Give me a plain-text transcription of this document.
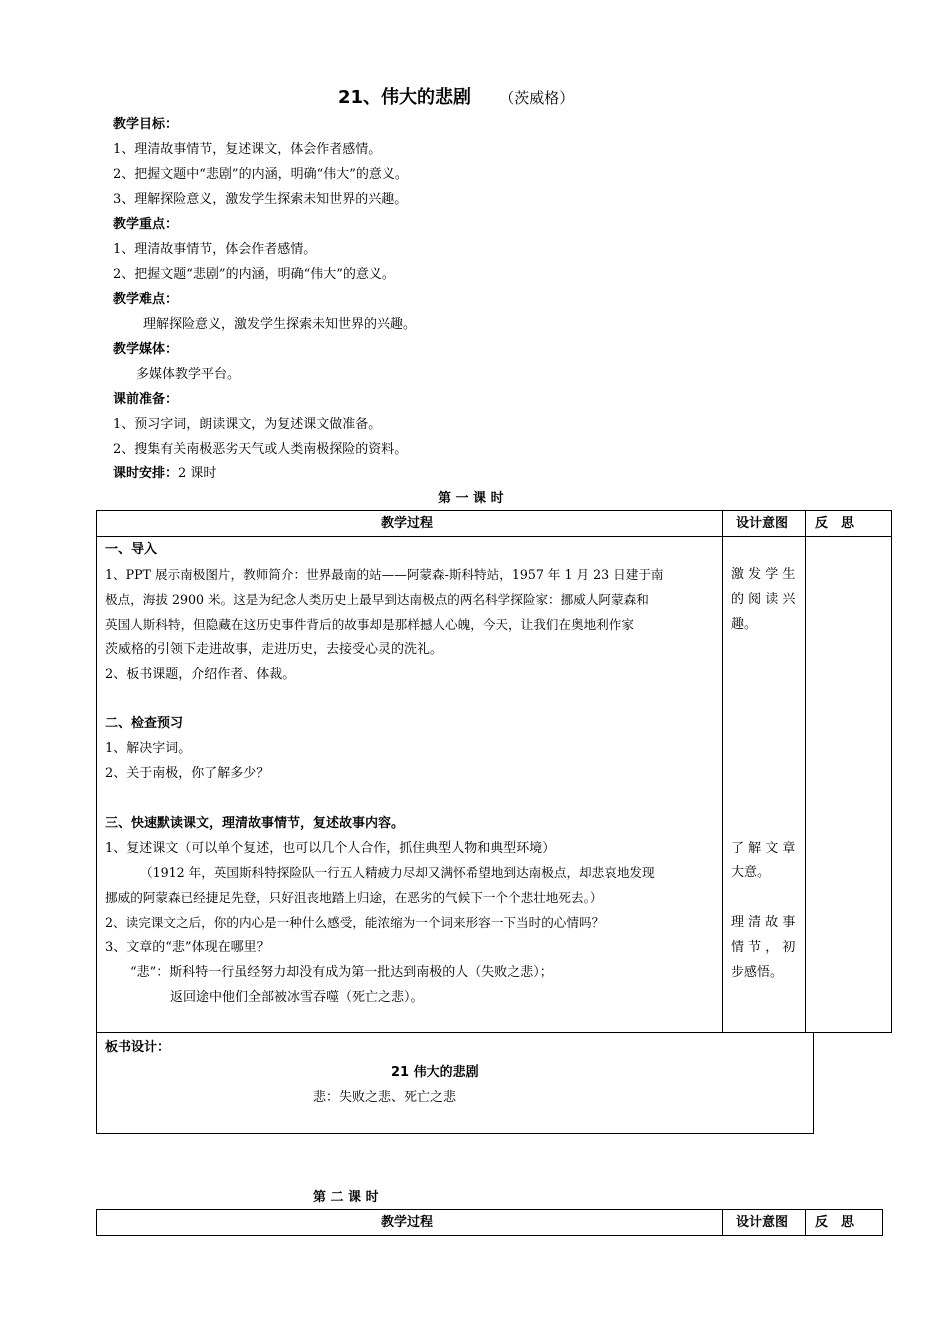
21、伟大的悲剧 （茨威格）
教学目标：
1、理清故事情节，复述课文，体会作者感情。
2、把握文题中“悲剧”的内涵，明确“伟大”的意义。
3、理解探险意义，激发学生探索未知世界的兴趣。
教学重点：
1、理清故事情节，体会作者感情。
2、把握文题“悲剧”的内涵，明确“伟大”的意义。
教学难点：
理解探险意义，激发学生探索未知世界的兴趣。
教学媒体：
多媒体教学平台。
课前准备：
1、预习字词，朗读课文，为复述课文做准备。
2、搜集有关南极恶劣天气或人类南极探险的资料。
课时安排：2 课时
第 一 课 时
教学过程	设计意图 反　思
一、导入
1、PPT 展示南极图片，教师简介：世界最南的站——阿蒙森-斯科特站，1957 年 1 月 23 日建于南
极点，海拔 2900 米。这是为纪念人类历史上最早到达南极点的两名科学探险家：挪威人阿蒙森和
英国人斯科特，但隐藏在这历史事件背后的故事却是那样撼人心魄，今天，让我们在奥地利作家
茨威格的引领下走进故事，走进历史，去接受心灵的洗礼。
2、板书课题，介绍作者、体裁。
二、检查预习
1、解决字词。
2、关于南极，你了解多少？
三、快速默读课文，理清故事情节，复述故事内容。
1、复述课文（可以单个复述，也可以几个人合作，抓住典型人物和典型环境）
（1912 年，英国斯科特探险队一行五人精疲力尽却又满怀希望地到达南极点，却悲哀地发现
挪威的阿蒙森已经捷足先登，只好沮丧地踏上归途，在恶劣的气候下一个个悲壮地死去。）
2、读完课文之后，你的内心是一种什么感受，能浓缩为一个词来形容一下当时的心情吗？
3、文章的“悲”体现在哪里？
“悲”：斯科特一行虽经努力却没有成为第一批达到南极的人（失败之悲）；
返回途中他们全部被冰雪吞噬（死亡之悲）。
激 发 学 生
的 阅 读 兴
趣。
了 解 文 章
大意。
理 清 故 事
情 节 ， 初
步感悟。
板书设计：
21 伟大的悲剧
悲：失败之悲、死亡之悲
第 二 课 时
教学过程	设计意图 反　思
